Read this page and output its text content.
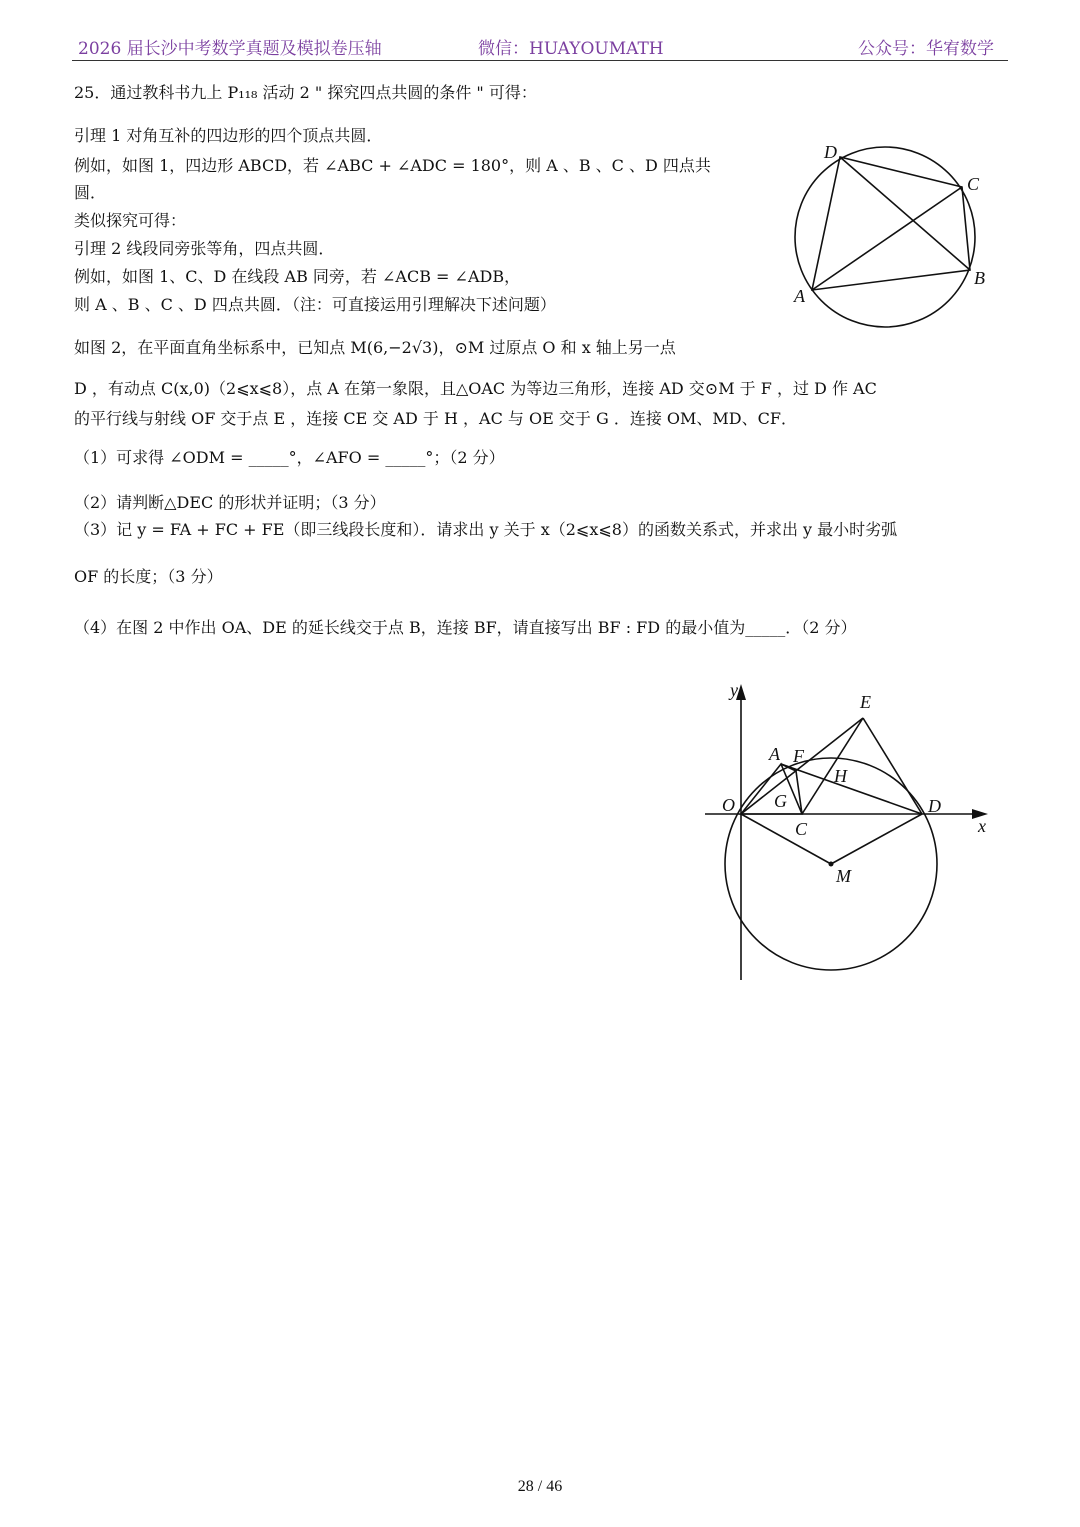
2026 届长沙中考数学真题及模拟卷压轴	微信：HUAYOUMATH	公众号：华宥数学
25．通过教科书九上 P₁₁₈ 活动 2 " 探究四点共圆的条件 " 可得：
引理 1 对角互补的四边形的四个顶点共圆．
例如，如图 1，四边形 ABCD，若 ∠ABC + ∠ADC = 180°，则 A 、B 、C 、D 四点共
圆．
类似探究可得：
引理 2 线段同旁张等角，四点共圆．
例如，如图 1、C、D 在线段 AB 同旁，若 ∠ACB = ∠ADB，
则 A 、B 、C 、D 四点共圆．（注：可直接运用引理解决下述问题）
如图 2，在平面直角坐标系中，已知点 M(6,−2√3)，⊙M 过原点 O 和 x 轴上另一点
D ，有动点 C(x,0)（2⩽x⩽8），点 A 在第一象限，且△OAC 为等边三角形，连接 AD 交⊙M 于 F ，过 D 作 AC
的平行线与射线 OF 交于点 E ，连接 CE 交 AD 于 H ，AC 与 OE 交于 G ．连接 OM、MD、CF．
（1）可求得 ∠ODM = _____°，∠AFO = _____°；（2 分）
（2）请判断△DEC 的形状并证明；（3 分）
（3）记 y = FA + FC + FE（即三线段长度和）．请求出 y 关于 x（2⩽x⩽8）的函数关系式，并求出 y 最小时劣弧
OF 的长度；（3 分）
（4）在图 2 中作出 OA、DE 的延长线交于点 B，连接 BF，请直接写出 BF : FD 的最小值为_____．（2 分）
D
C
B
A
y
x
O
A F
E
H
G
C
D
M
28 / 46
